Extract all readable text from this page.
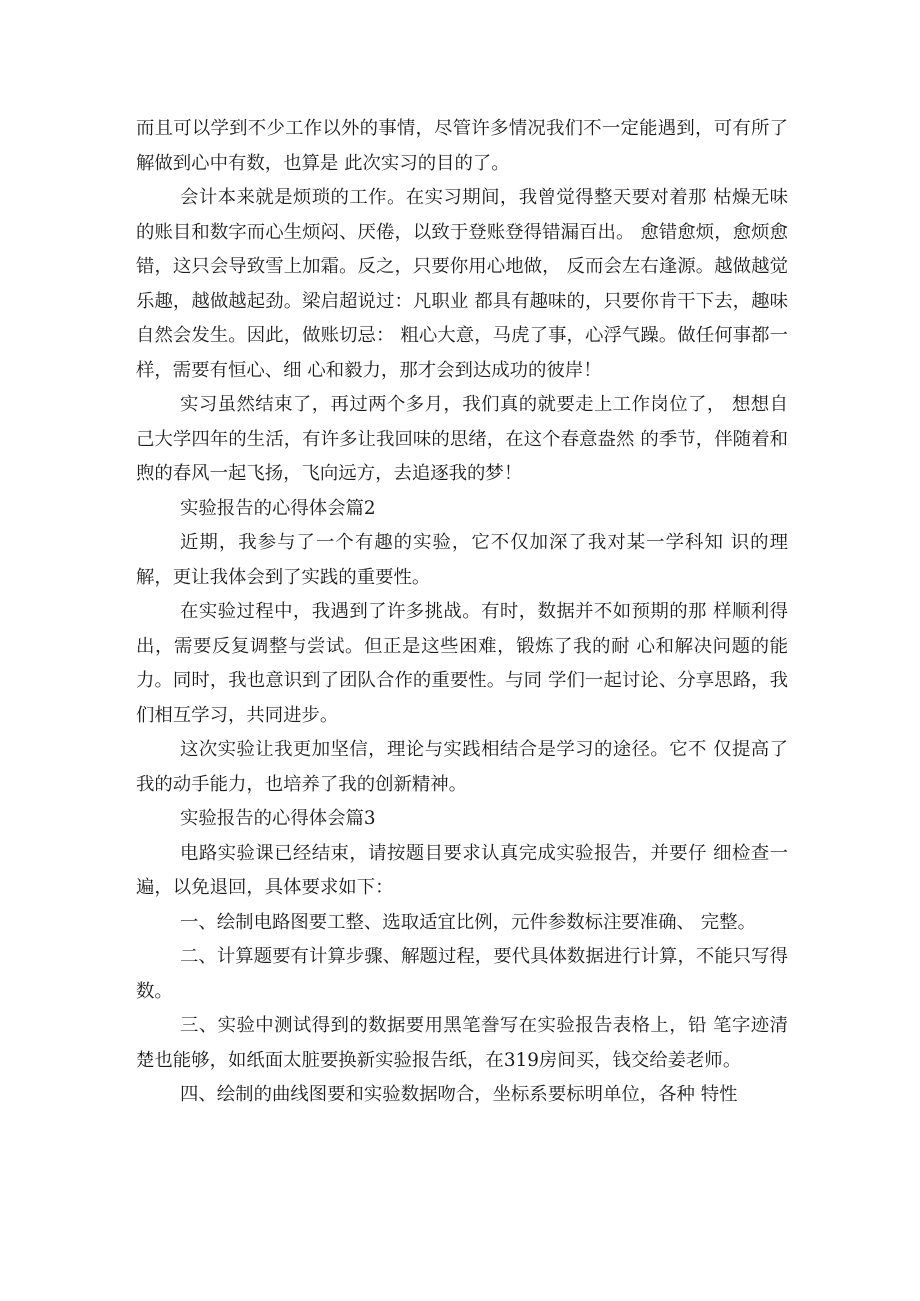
而且可以学到不少工作以外的事情，尽管许多情况我们不一定能遇到，可有所了解做到心中有数，也算是 此次实习的目的了。

会计本来就是烦琐的工作。在实习期间，我曾觉得整天要对着那 枯燥无味的账目和数字而心生烦闷、厌倦，以致于登账登得错漏百出。 愈错愈烦，愈烦愈错，这只会导致雪上加霜。反之，只要你用心地做， 反而会左右逢源。越做越觉乐趣，越做越起劲。梁启超说过：凡职业 都具有趣味的，只要你肯干下去，趣味自然会发生。因此，做账切忌： 粗心大意，马虎了事，心浮气躁。做任何事都一样，需要有恒心、细 心和毅力，那才会到达成功的彼岸！

实习虽然结束了，再过两个多月，我们真的就要走上工作岗位了， 想想自己大学四年的生活，有许多让我回味的思绪，在这个春意盎然 的季节，伴随着和煦的春风一起飞扬，飞向远方，去追逐我的梦！

实验报告的心得体会篇2

近期，我参与了一个有趣的实验，它不仅加深了我对某一学科知 识的理解，更让我体会到了实践的重要性。

在实验过程中，我遇到了许多挑战。有时，数据并不如预期的那 样顺利得出，需要反复调整与尝试。但正是这些困难，锻炼了我的耐 心和解决问题的能力。同时，我也意识到了团队合作的重要性。与同 学们一起讨论、分享思路，我们相互学习，共同进步。

这次实验让我更加坚信，理论与实践相结合是学习的途径。它不 仅提高了我的动手能力，也培养了我的创新精神。

实验报告的心得体会篇3

电路实验课已经结束，请按题目要求认真完成实验报告，并要仔 细检查一遍，以免退回，具体要求如下：

一、绘制电路图要工整、选取适宜比例，元件参数标注要准确、 完整。

二、计算题要有计算步骤、解题过程，要代具体数据进行计算，不能只写得数。

三、实验中测试得到的数据要用黑笔誊写在实验报告表格上，铅 笔字迹清楚也能够，如纸面太脏要换新实验报告纸，在319房间买，钱交给姜老师。

四、绘制的曲线图要和实验数据吻合，坐标系要标明单位，各种 特性
